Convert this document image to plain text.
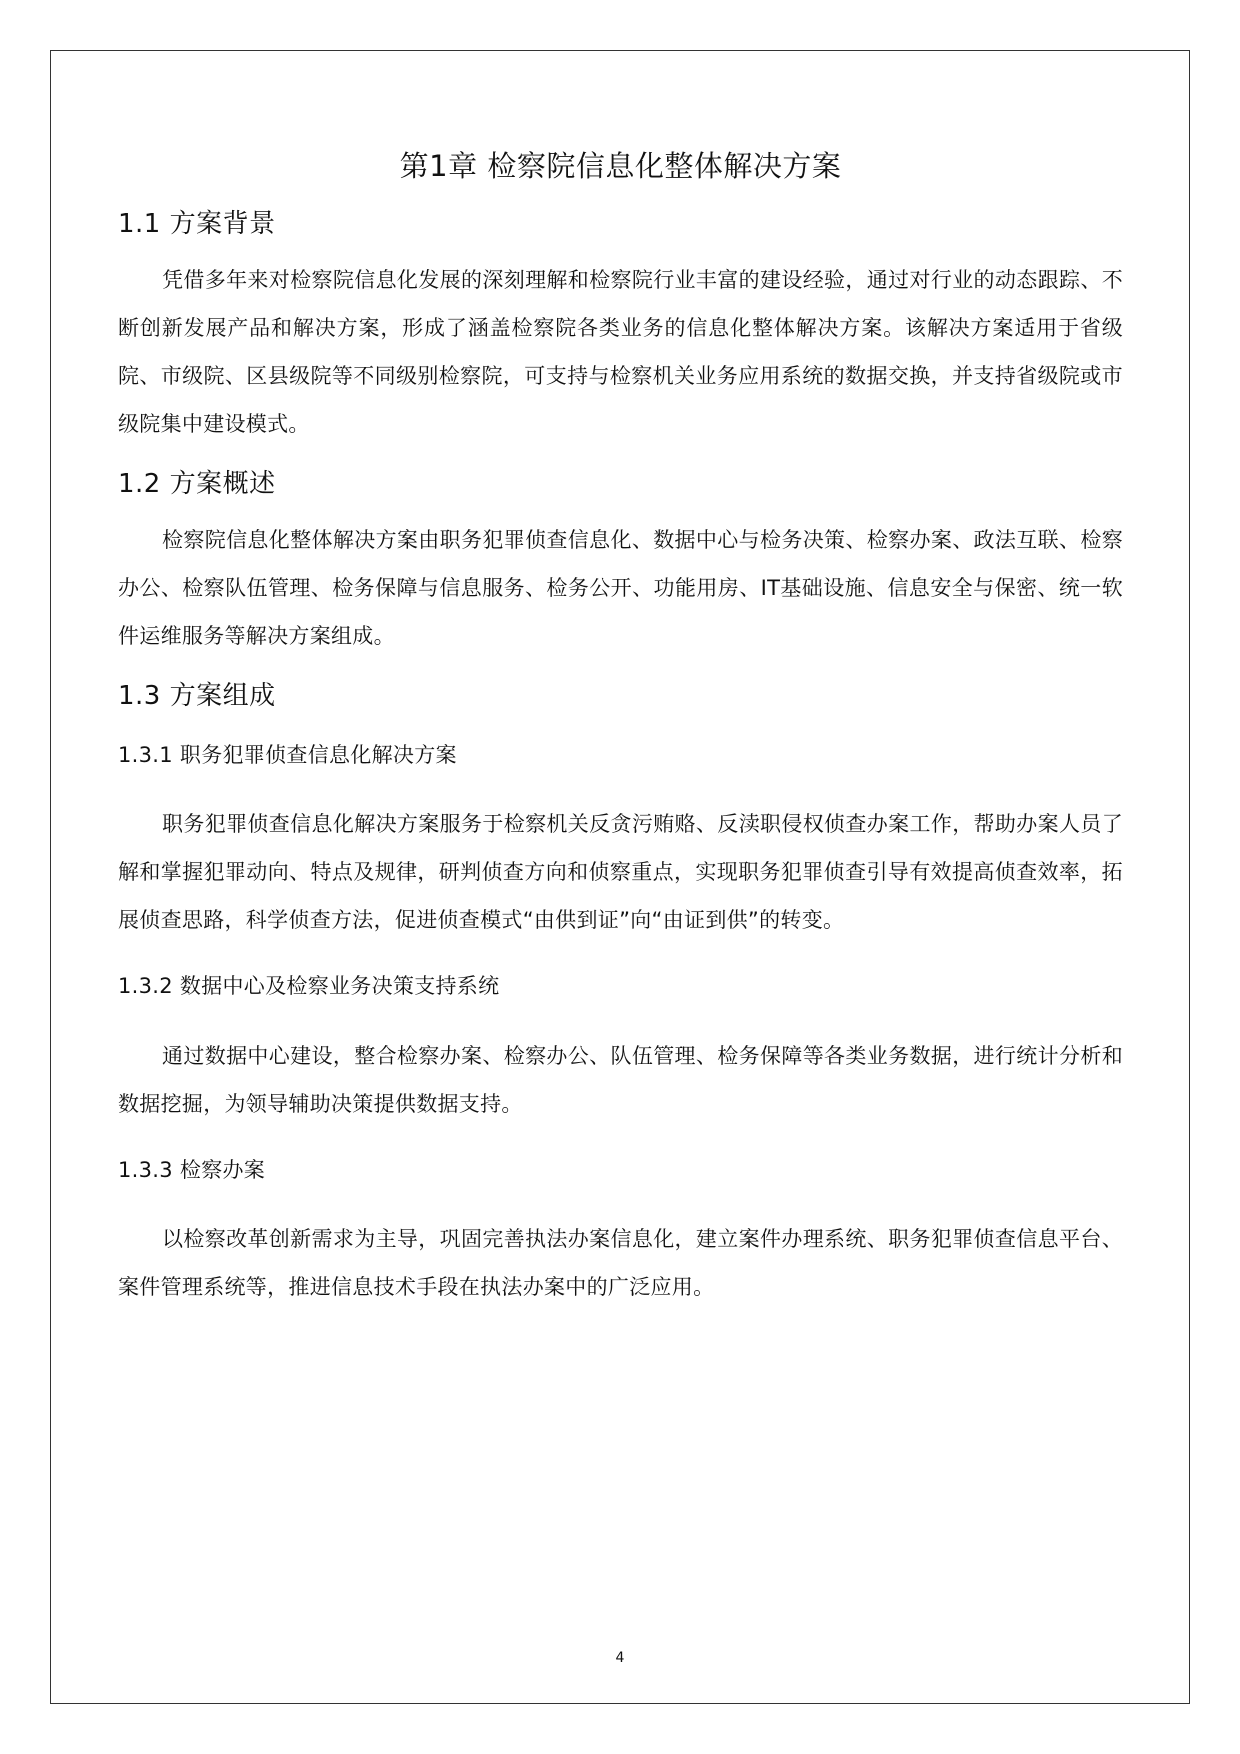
第1章 检察院信息化整体解决方案
1.1 方案背景

凭借多年来对检察院信息化发展的深刻理解和检察院行业丰富的建设经验，通过对行业的动态跟踪、不断创新发展产品和解决方案，形成了涵盖检察院各类业务的信息化整体解决方案。该解决方案适用于省级院、市级院、区县级院等不同级别检察院，可支持与检察机关业务应用系统的数据交换，并支持省级院或市级院集中建设模式。

1.2 方案概述

检察院信息化整体解决方案由职务犯罪侦查信息化、数据中心与检务决策、检察办案、政法互联、检察办公、检察队伍管理、检务保障与信息服务、检务公开、功能用房、IT基础设施、信息安全与保密、统一软件运维服务等解决方案组成。

1.3 方案组成
1.3.1 职务犯罪侦查信息化解决方案

职务犯罪侦查信息化解决方案服务于检察机关反贪污贿赂、反渎职侵权侦查办案工作，帮助办案人员了解和掌握犯罪动向、特点及规律，研判侦查方向和侦察重点，实现职务犯罪侦查引导有效提高侦查效率，拓展侦查思路，科学侦查方法，促进侦查模式“由供到证”向“由证到供”的转变。

1.3.2 数据中心及检察业务决策支持系统

通过数据中心建设，整合检察办案、检察办公、队伍管理、检务保障等各类业务数据，进行统计分析和数据挖掘，为领导辅助决策提供数据支持。

1.3.3 检察办案

以检察改革创新需求为主导，巩固完善执法办案信息化，建立案件办理系统、职务犯罪侦查信息平台、案件管理系统等，推进信息技术手段在执法办案中的广泛应用。

4
